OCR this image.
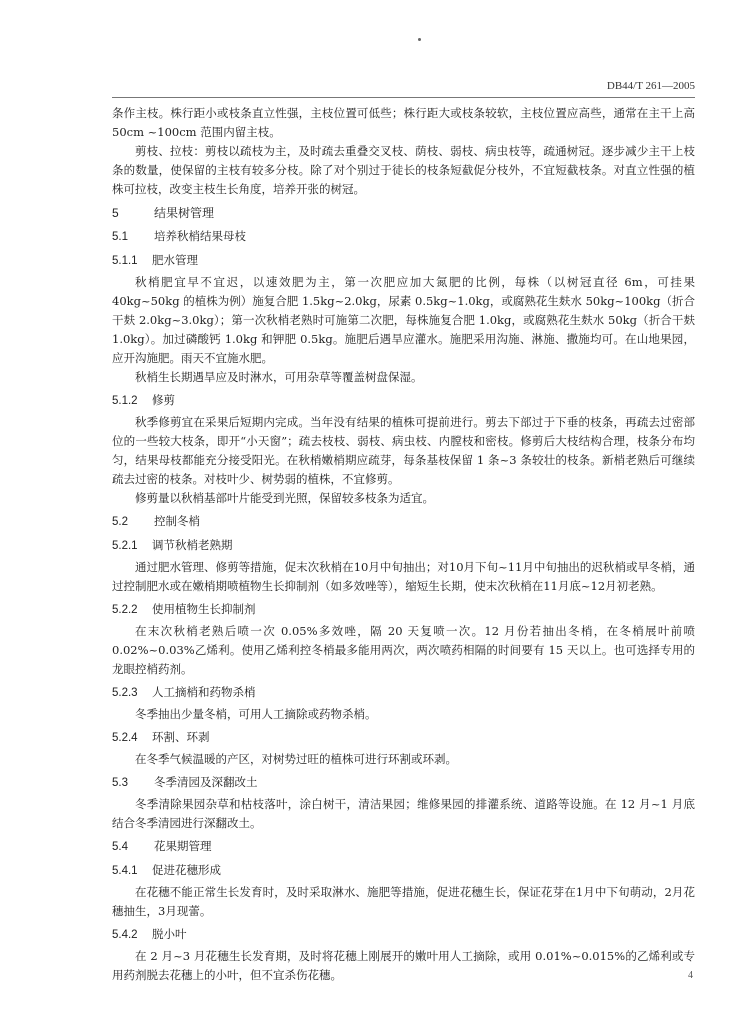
DB44/T 261—2005

条作主枝。株行距小或枝条直立性强，主枝位置可低些；株行距大或枝条较软，主枝位置应高些，通常在主干上高 50cm ~100cm 范围内留主枝。

剪枝、拉枝：剪枝以疏枝为主，及时疏去重叠交叉枝、荫枝、弱枝、病虫枝等，疏通树冠。逐步减少主干上枝条的数量，使保留的主枝有较多分枝。除了对个别过于徒长的枝条短截促分枝外，不宜短截枝条。对直立性强的植株可拉枝，改变主枝生长角度，培养开张的树冠。

5	结果树管理

5.1 培养秋梢结果母枝

5.1.1 肥水管理

秋梢肥宜早不宜迟，以速效肥为主，第一次肥应加大氮肥的比例，每株（以树冠直径 6m，可挂果 40kg~50kg 的植株为例）施复合肥 1.5kg~2.0kg，尿素 0.5kg~1.0kg，或腐熟花生麸水 50kg~100kg（折合干麸 2.0kg~3.0kg）；第一次秋梢老熟时可施第二次肥，每株施复合肥 1.0kg，或腐熟花生麸水 50kg（折合干麸 1.0kg）。加过磷酸钙 1.0kg 和钾肥 0.5kg。施肥后遇旱应灌水。施肥采用沟施、淋施、撒施均可。在山地果园，应开沟施肥。雨天不宜施水肥。

秋梢生长期遇旱应及时淋水，可用杂草等覆盖树盘保湿。

5.1.2 修剪

秋季修剪宜在采果后短期内完成。当年没有结果的植株可提前进行。剪去下部过于下垂的枝条，再疏去过密部位的一些较大枝条，即开“小天窗”；疏去枝枝、弱枝、病虫枝、内膛枝和密枝。修剪后大枝结构合理，枝条分布均匀，结果母枝都能充分接受阳光。在秋梢嫩梢期应疏芽，每条基枝保留 1 条~3 条较壮的枝条。新梢老熟后可继续疏去过密的枝条。对枝叶少、树势弱的植株，不宜修剪。

修剪量以秋梢基部叶片能受到光照，保留较多枝条为适宜。

5.2 控制冬梢

5.2.1 调节秋梢老熟期

通过肥水管理、修剪等措施，促末次秋梢在10月中旬抽出；对10月下旬~11月中旬抽出的迟秋梢或早冬梢，通过控制肥水或在嫩梢期喷植物生长抑制剂（如多效唑等），缩短生长期，使末次秋梢在11月底~12月初老熟。

5.2.2 使用植物生长抑制剂

在末次秋梢老熟后喷一次 0.05%多效唑，隔 20 天复喷一次。12 月份若抽出冬梢，在冬梢展叶前喷 0.02%~0.03%乙烯利。使用乙烯利控冬梢最多能用两次，两次喷药相隔的时间要有 15 天以上。也可选择专用的龙眼控梢药剂。

5.2.3 人工摘梢和药物杀梢

冬季抽出少量冬梢，可用人工摘除或药物杀梢。

5.2.4 环割、环剥

在冬季气候温暖的产区，对树势过旺的植株可进行环割或环剥。

5.3 冬季清园及深翻改土

冬季清除果园杂草和枯枝落叶，涂白树干，清洁果园；维修果园的排灌系统、道路等设施。在 12 月~1 月底结合冬季清园进行深翻改土。

5.4 花果期管理

5.4.1 促进花穗形成

在花穗不能正常生长发育时，及时采取淋水、施肥等措施，促进花穗生长，保证花芽在1月中下旬萌动，2月花穗抽生，3月现蕾。

5.4.2 脱小叶

在 2 月~3 月花穗生长发育期，及时将花穗上刚展开的嫩叶用人工摘除，或用 0.01%~0.015%的乙烯利或专用药剂脱去花穗上的小叶，但不宜杀伤花穗。	4
